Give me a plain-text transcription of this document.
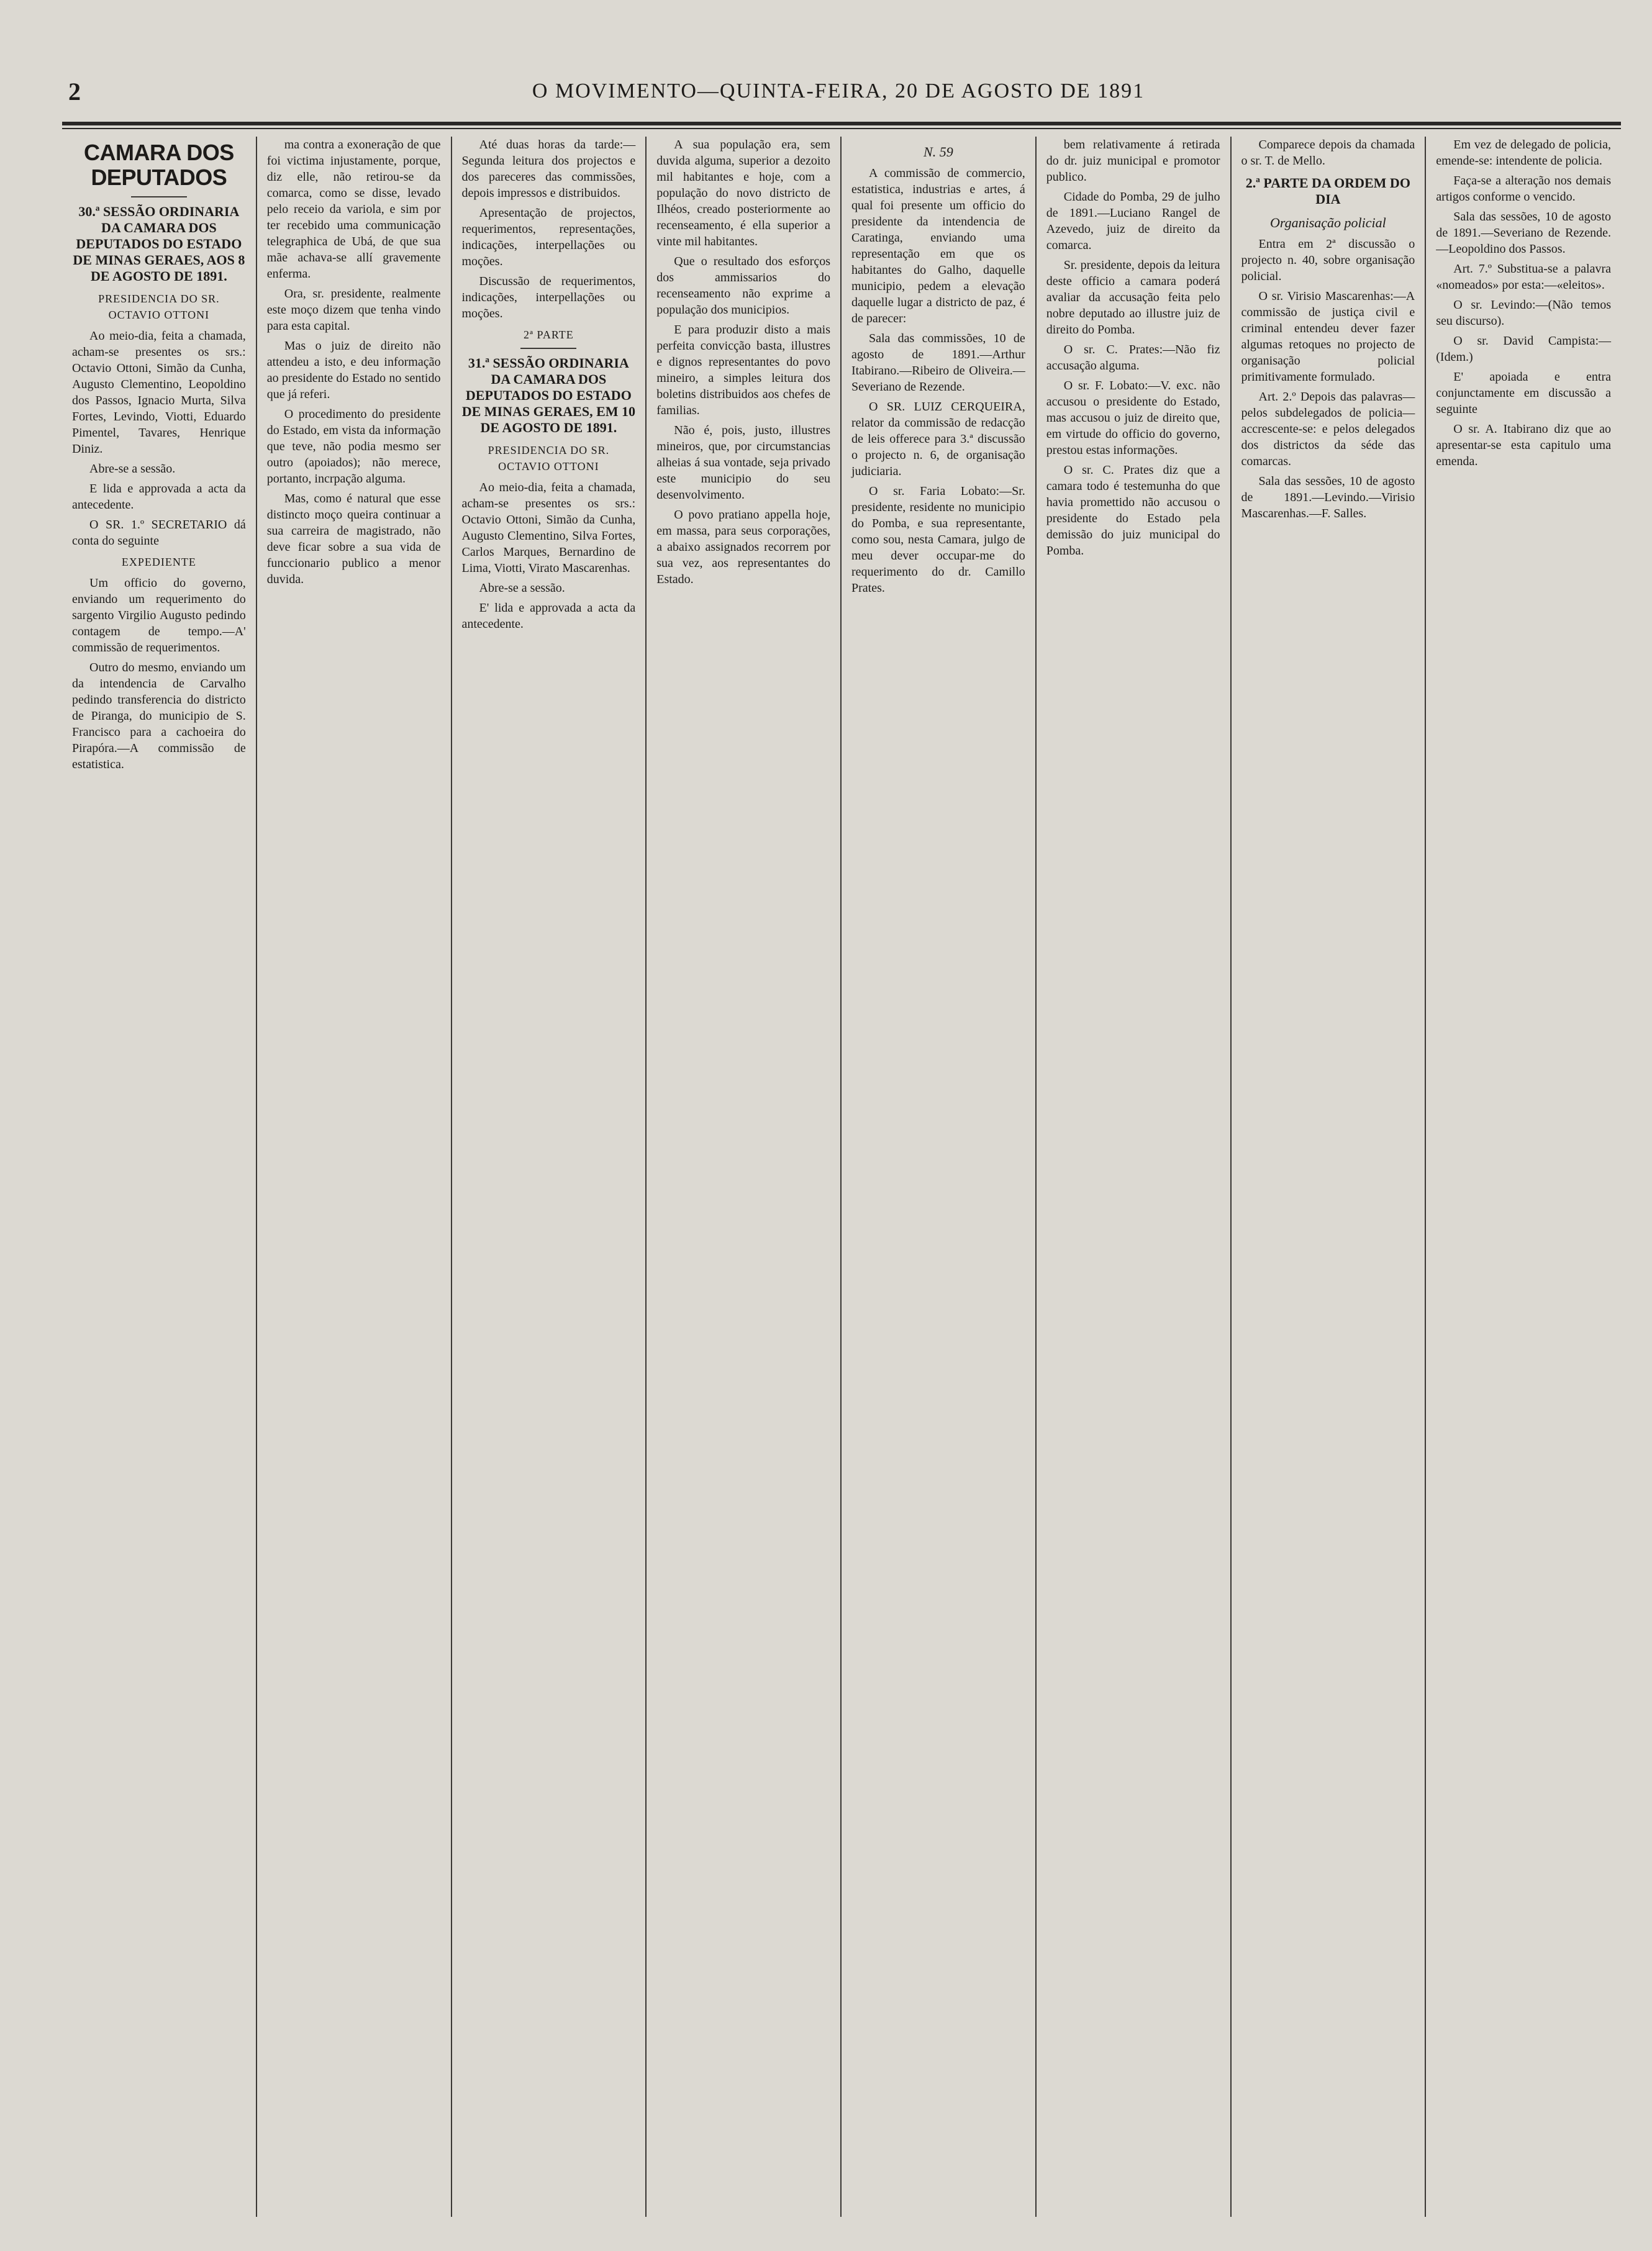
2	O MOVIMENTO—QUINTA-FEIRA, 20 DE AGOSTO DE 1891
CAMARA DOS DEPUTADOS
30.ª SESSÃO ORDINARIA DA CAMARA DOS DEPUTADOS DO ESTADO DE MINAS GERAES, AOS 8 DE AGOSTO DE 1891.
PRESIDENCIA DO SR. OCTAVIO OTTONI

Ao meio-dia, feita a chamada, acham-se presentes os srs.: Octavio Ottoni, Simão da Cunha, Augusto Clementino, Leopoldino dos Passos, Ignacio Murta, Silva Fortes, Levindo, Viotti, Eduardo Pimentel, Tavares, Henrique Diniz.

Abre-se a sessão.

E lida e approvada a acta da antecedente.

O SR. 1.º SECRETARIO dá conta do seguinte

EXPEDIENTE

Um officio do governo, enviando um requerimento do sargento Virgilio Augusto pedindo contagem de tempo.—A' commissão de requerimentos.

Outro do mesmo, enviando um da intendencia de Carvalho pedindo transferencia do districto de Piranga, do municipio de S. Francisco para a cachoeira do Pirapóra.—A commissão de estatistica.

ma contra a exoneração de que foi victima injustamente, porque, diz elle, não retirou-se da comarca, como se disse, levado pelo receio da variola, e sim por ter recebido uma communicação telegraphica de Ubá, de que sua mãe achava-se allí gravemente enferma.

Ora, sr. presidente, realmente este moço dizem que tenha vindo para esta capital.

Mas o juiz de direito não attendeu a isto, e deu informação ao presidente do Estado no sentido que já referi.

O procedimento do presidente do Estado, em vista da informação que teve, não podia mesmo ser outro (apoiados); não merece, portanto, incrpação alguma.

Mas, como é natural que esse distincto moço queira continuar a sua carreira de magistrado, não deve ficar sobre a sua vida de funccionario publico a menor duvida.

Até duas horas da tarde:—Segunda leitura dos projectos e dos pareceres das commissões, depois impressos e distribuidos.

Apresentação de projectos, requerimentos, representações, indicações, interpellações ou moções.

Discussão de requerimentos, indicações, interpellações ou moções.

2ª PARTE
31.ª SESSÃO ORDINARIA DA CAMARA DOS DEPUTADOS DO ESTADO DE MINAS GERAES, EM 10 DE AGOSTO DE 1891.
PRESIDENCIA DO SR. OCTAVIO OTTONI

Ao meio-dia, feita a chamada, acham-se presentes os srs.: Octavio Ottoni, Simão da Cunha, Augusto Clementino, Silva Fortes, Carlos Marques, Bernardino de Lima, Viotti, Virato Mascarenhas.

Abre-se a sessão.

E' lida e approvada a acta da antecedente.

A sua população era, sem duvida alguma, superior a dezoito mil habitantes e hoje, com a população do novo districto de Ilhéos, creado posteriormente ao recenseamento, é ella superior a vinte mil habitantes.

Que o resultado dos esforços dos ammissarios do recenseamento não exprime a população dos municipios.

E para produzir disto a mais perfeita convicção basta, illustres e dignos representantes do povo mineiro, a simples leitura dos boletins distribuidos aos chefes de familias.

Não é, pois, justo, illustres mineiros, que, por circumstancias alheias á sua vontade, seja privado este municipio do seu desenvolvimento.

O povo pratiano appella hoje, em massa, para seus corporações, a abaixo assignados recorrem por sua vez, aos representantes do Estado.

N. 59

A commissão de commercio, estatistica, industrias e artes, á qual foi presente um officio do presidente da intendencia de Caratinga, enviando uma representação em que os habitantes do Galho, daquelle municipio, pedem a elevação daquelle lugar a districto de paz, é de parecer:

Sala das commissões, 10 de agosto de 1891.—Arthur Itabirano.—Ribeiro de Oliveira.—Severiano de Rezende.

O SR. LUIZ CERQUEIRA, relator da commissão de redacção de leis offerece para 3.ª discussão o projecto n. 6, de organisação judiciaria.

O sr. Faria Lobato:—Sr. presidente, residente no municipio do Pomba, e sua representante, como sou, nesta Camara, julgo de meu dever occupar-me do requerimento do dr. Camillo Prates.

bem relativamente á retirada do dr. juiz municipal e promotor publico.

Cidade do Pomba, 29 de julho de 1891.—Luciano Rangel de Azevedo, juiz de direito da comarca.

Sr. presidente, depois da leitura deste officio a camara poderá avaliar da accusação feita pelo nobre deputado ao illustre juiz de direito do Pomba.

O sr. C. Prates:—Não fiz accusação alguma.

O sr. F. Lobato:—V. exc. não accusou o presidente do Estado, mas accusou o juiz de direito que, em virtude do officio do governo, prestou estas informações.

O sr. C. Prates diz que a camara todo é testemunha do que havia promettido não accusou o presidente do Estado pela demissão do juiz municipal do Pomba.

Comparece depois da chamada o sr. T. de Mello.

2.ª PARTE DA ORDEM DO DIA
Organisação policial

Entra em 2ª discussão o projecto n. 40, sobre organisação policial.

O sr. Virisio Mascarenhas:—A commissão de justiça civil e criminal entendeu dever fazer algumas retoques no projecto de organisação policial primitivamente formulado.

Art. 2.º Depois das palavras—pelos subdelegados de policia—accrescente-se: e pelos delegados dos districtos da séde das comarcas.

Sala das sessões, 10 de agosto de 1891.—Levindo.—Virisio Mascarenhas.—F. Salles.

Em vez de delegado de policia, emende-se: intendente de policia.

Faça-se a alteração nos demais artigos conforme o vencido.

Sala das sessões, 10 de agosto de 1891.—Severiano de Rezende.—Leopoldino dos Passos.

Art. 7.º Substitua-se a palavra «nomeados» por esta:—«eleitos».

O sr. Levindo:—(Não temos seu discurso).

O sr. David Campista:—(Idem.)

E' apoiada e entra conjunctamente em discussão a seguinte

O sr. A. Itabirano diz que ao apresentar-se esta capitulo uma emenda.
